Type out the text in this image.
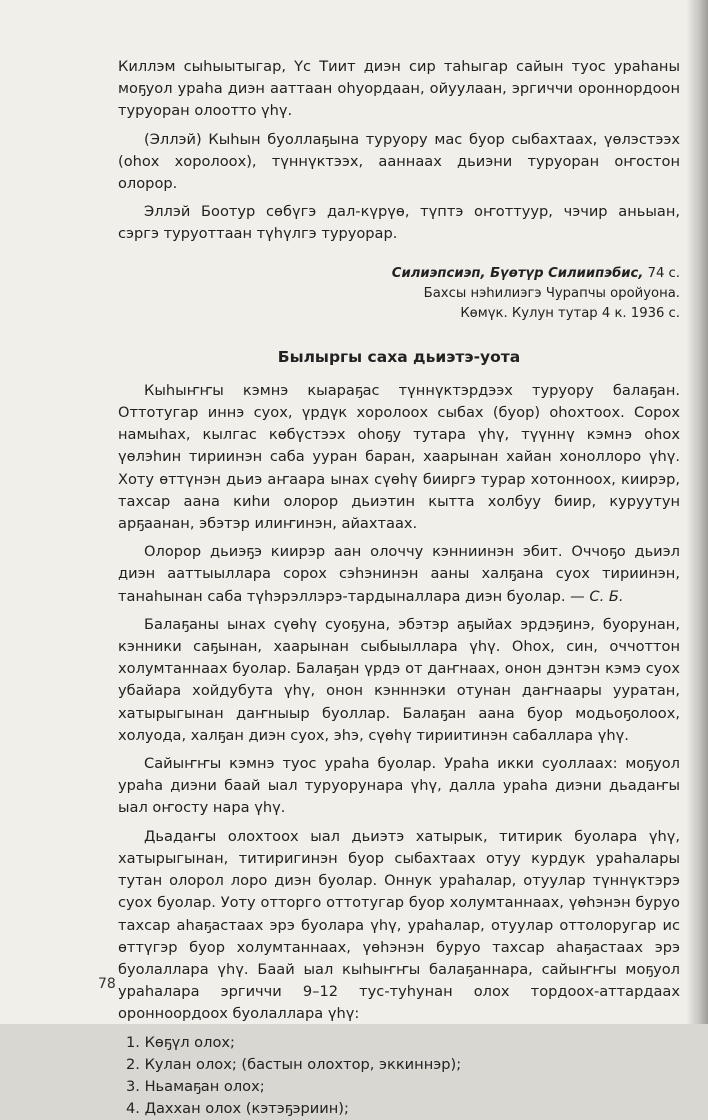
Киллэм сыһыытыгар, Үс Тиит диэн сир таһыгар сайын туос ураһаны моҕуол ураһа диэн ааттаан оһуордаан, ойуулаан, эргиччи ороннордоон туруоран олоотто үһү.

(Эллэй) Кыһын буоллаҕына туруору мас буор сыбахтаах, үөлэстээх (оһох хоролоох), түннүктээх, ааннаах дьиэни туруоран оҥостон олорор.

Эллэй Боотур сөбүгэ дал-күрүө, түптэ оҥоттуур, чэчир аньыан, сэргэ туруоттаан түһүлгэ туруорар.

Силиэпсиэп, Бүөтүр Силиипэбис, 74 с.
Бахсы нэһилиэгэ Чурапчы оройуона.
Көмүк. Кулун тутар 4 к. 1936 с.
Былыргы саха дьиэтэ-уота

Кыһыҥҥы кэмнэ кыараҕас түннүктэрдээх туруору балаҕан. Оттотугар иннэ суох, үрдүк хоролоох сыбах (буор) оһохтоох. Сорох намыһах, кылгас көбүстээх оһоҕу тутара үһү, түүннү кэмнэ оһох үөлэһин тириинэн саба ууран баран, хаарынан хайан хоноллоро үһү. Хоту өттүнэн дьиэ аҥаара ынах сүөһү бииргэ турар хотонноох, киирэр, тахсар аана киһи олорор дьиэтин кытта холбуу биир, куруутун арҕаанан, эбэтэр илиҥинэн, айахтаах.

Олорор дьиэҕэ киирэр аан олоччу кэнниинэн эбит. Оччоҕо дьиэл диэн ааттыыллара сорох сэһэнинэн ааны халҕана суох тириинэн, танаһынан саба түһэрэллэрэ-тардыналлара диэн буолар. — С. Б.

Балаҕаны ынах сүөһү суоҕуна, эбэтэр аҕыйах эрдэҕинэ, буорунан, кэнники саҕынан, хаарынан сыбыыллара үһү. Оһох, син, оччоттон холумтаннаах буолар. Балаҕан үрдэ от даҥнаах, онон дэнтэн кэмэ суох убайара хойдубута үһү, онон кэнннэки отунан даҥнаары ууратан, хатырыгынан даҥныыр буоллар. Балаҕан аана буор модьоҕолоох, холуода, халҕан диэн суох, эһэ, сүөһү тириитинэн сабаллара үһү.

Сайыҥҥы кэмнэ туос ураһа буолар. Ураһа икки суоллаах: моҕуол ураһа диэни баай ыал туруорунара үһү, далла ураһа диэни дьадаҥы ыал оҥосту нара үһү.

Дьадаҥы олохтоох ыал дьиэтэ хатырык, титирик буолара үһү, хатырыгынан, титиригинэн буор сыбахтаах отуу курдук ураһалары тутан олорол лоро диэн буолар. Оннук ураһалар, отуулар түннүктэрэ суох буолар. Уоту отторго оттотугар буор холумтаннаах, үөһэнэн буруо тахсар аһаҕастаах эрэ буолара үһү, ураһалар, отуулар оттолоругар ис өттүгэр буор холумтаннаах, үөһэнэн буруо тахсар аһаҕастаах эрэ буолаллара үһү. Баай ыал кыһыҥҥы балаҕаннара, сайыҥҥы моҕуол ураһалара эргиччи 9–12 тус-туһунан олох тордоох-аттардаах оронноордоох буолаллара үһү:

1. Көҕүл олох;
2. Кулан олох; (бастын олохтор, эккиннэр);
3. Ньамаҕан олох;
4. Даххан олох (кэтэҕэриин);
78
